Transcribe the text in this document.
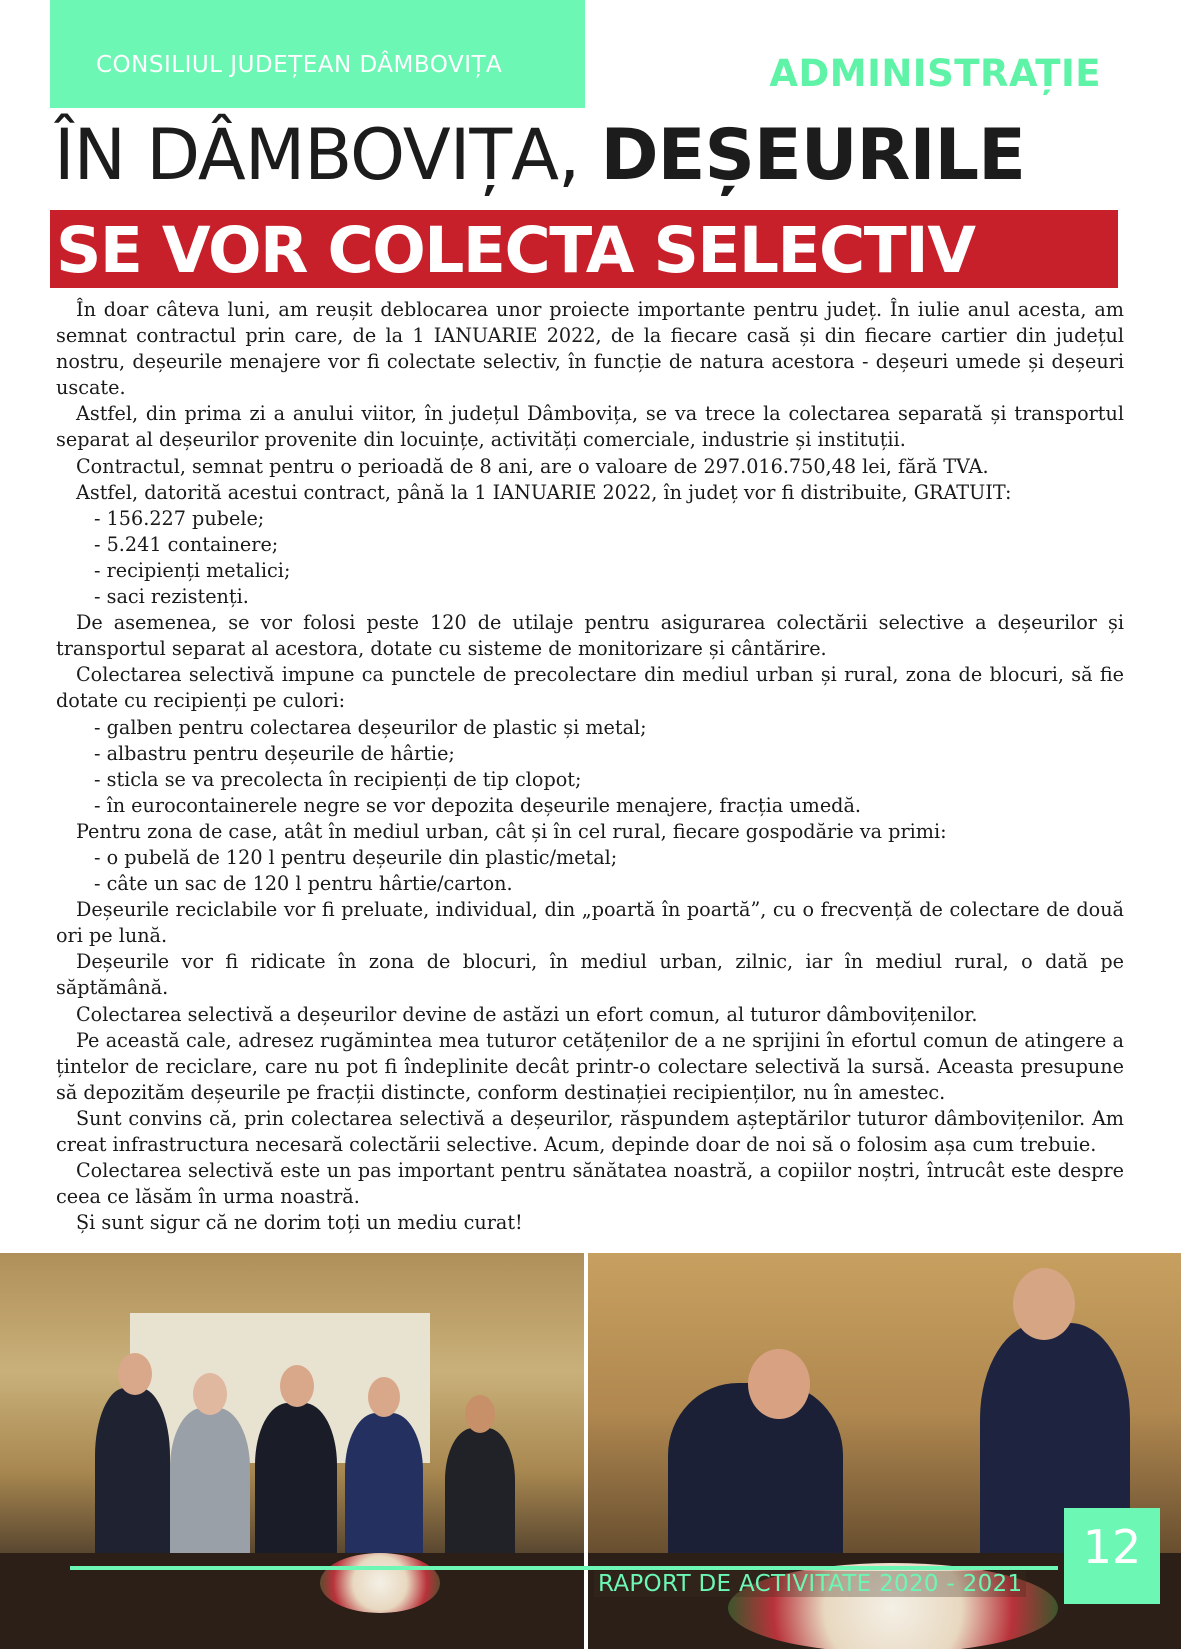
CONSILIUL JUDEȚEAN DÂMBOVIȚA	ADMINISTRAȚIE
ÎN DÂMBOVIȚA, DEȘEURILE
SE VOR COLECTA SELECTIV

În doar câteva luni, am reușit deblocarea unor proiecte importante pentru județ. În iulie anul acesta, am semnat contractul prin care, de la 1 IANUARIE 2022, de la fiecare casă și din fiecare cartier din județul nostru, deșeurile menajere vor fi colectate selectiv, în funcție de natura acestora - deșeuri umede și deșeuri uscate.

Astfel, din prima zi a anului viitor, în județul Dâmbovița, se va trece la colectarea separată și transportul separat al deșeurilor provenite din locuințe, activități comerciale, industrie și instituții.

Contractul, semnat pentru o perioadă de 8 ani, are o valoare de 297.016.750,48 lei, fără TVA.

Astfel, datorită acestui contract, până la 1 IANUARIE 2022, în județ vor fi distribuite, GRATUIT:

- 156.227 pubele;
- 5.241 containere;
- recipienți metalici;
- saci rezistenți.

De asemenea, se vor folosi peste 120 de utilaje pentru asigurarea colectării selective a deșeurilor și transportul separat al acestora, dotate cu sisteme de monitorizare și cântărire.

Colectarea selectivă impune ca punctele de precolectare din mediul urban și rural, zona de blocuri, să fie dotate cu recipienți pe culori:

- galben pentru colectarea deșeurilor de plastic și metal;
- albastru pentru deșeurile de hârtie;
- sticla se va precolecta în recipienți de tip clopot;
- în eurocontainerele negre se vor depozita deșeurile menajere, fracția umedă.

Pentru zona de case, atât în mediul urban, cât și în cel rural, fiecare gospodărie va primi:

- o pubelă de 120 l pentru deșeurile din plastic/metal;
- câte un sac de 120 l pentru hârtie/carton.

Deșeurile reciclabile vor fi preluate, individual, din „poartă în poartă”, cu o frecvență de colectare de două ori pe lună.

Deșeurile vor fi ridicate în zona de blocuri, în mediul urban, zilnic, iar în mediul rural, o dată pe săptămână.

Colectarea selectivă a deșeurilor devine de astăzi un efort comun, al tuturor dâmbovițenilor.

Pe această cale, adresez rugămintea mea tuturor cetățenilor de a ne sprijini în efortul comun de atingere a țintelor de reciclare, care nu pot fi îndeplinite decât printr-o colectare selectivă la sursă. Aceasta presupune să depozităm deșeurile pe fracții distincte, conform destinației recipienților, nu în amestec.

Sunt convins că, prin colectarea selectivă a deșeurilor, răspundem așteptărilor tuturor dâmbovițenilor. Am creat infrastructura necesară colectării selective. Acum, depinde doar de noi să o folosim așa cum trebuie.

Colectarea selectivă este un pas important pentru sănătatea noastră, a copiilor noștri, întrucât este despre ceea ce lăsăm în urma noastră.

Și sunt sigur că ne dorim toți un mediu curat!

RAPORT DE ACTIVITATE 2020 - 2021
12
